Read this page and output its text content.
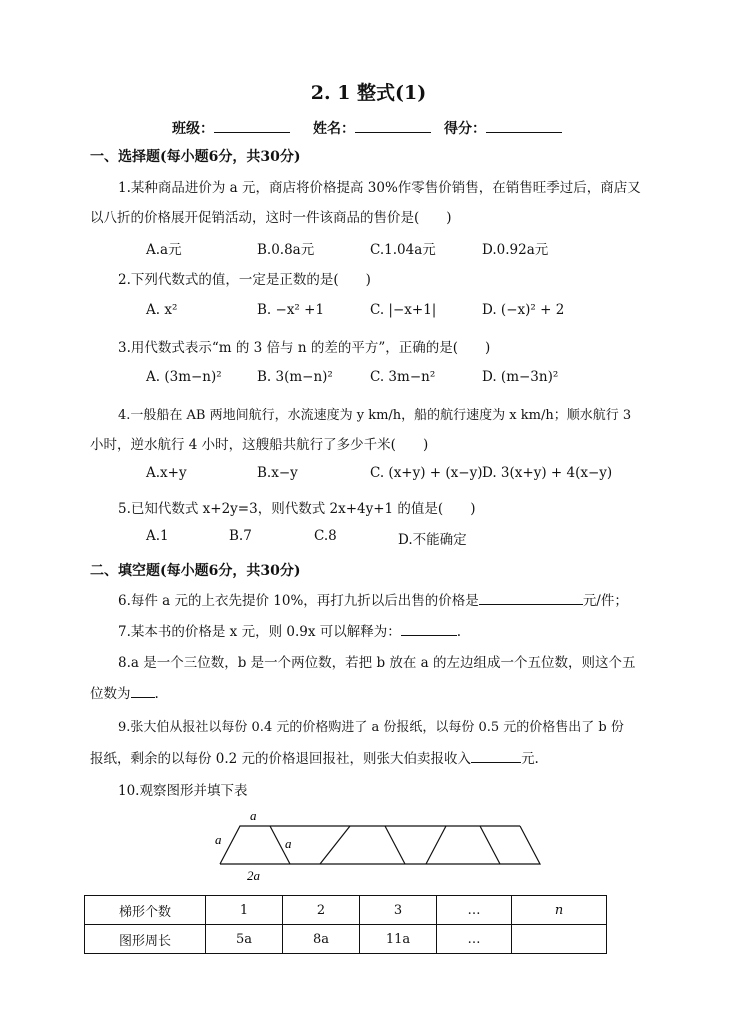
2. 1 整式(1)
班级：	姓名：	得分：
一、选择题(每小题6分，共30分)
1.某种商品进价为 a 元，商店将价格提高 30%作零售价销售，在销售旺季过后，商店又
以八折的价格展开促销活动，这时一件该商品的售价是(　　)
A.a元	B.0.8a元	C.1.04a元	D.0.92a元
2.下列代数式的值，一定是正数的是(　　)
A. x²	B. −x² +1	C. |−x+1|	D. (−x)² + 2
3.用代数式表示“m 的 3 倍与 n 的差的平方”，正确的是(　　)
A. (3m−n)²	B. 3(m−n)²	C. 3m−n²	D. (m−3n)²
4.一般船在 AB 两地间航行，水流速度为 y km/h，船的航行速度为 x km/h；顺水航行 3
小时，逆水航行 4 小时，这艘船共航行了多少千米(　　)
A.x+y	B.x−y	C. (x+y) + (x−y) D. 3(x+y) + 4(x−y)
5.已知代数式 x+2y=3，则代数式 2x+4y+1 的值是(　　)
A.1	B.7	C.8	D.不能确定
二、填空题(每小题6分，共30分)
6.每件 a 元的上衣先提价 10%，再打九折以后出售的价格是	元/件；
7.某本书的价格是 x 元，则 0.9x 可以解释为：	.
8.a 是一个三位数，b 是一个两位数，若把 b 放在 a 的左边组成一个五位数，则这个五
位数为 .
9.张大伯从报社以每份 0.4 元的价格购进了 a 份报纸，以每份 0.5 元的价格售出了 b 份
报纸，剩余的以每份 0.2 元的价格退回报社，则张大伯卖报收入	元.
10.观察图形并填下表
a
a	a
2a
梯形个数	1	2	3	…	n
图形周长	5a	8a	11a	…	
